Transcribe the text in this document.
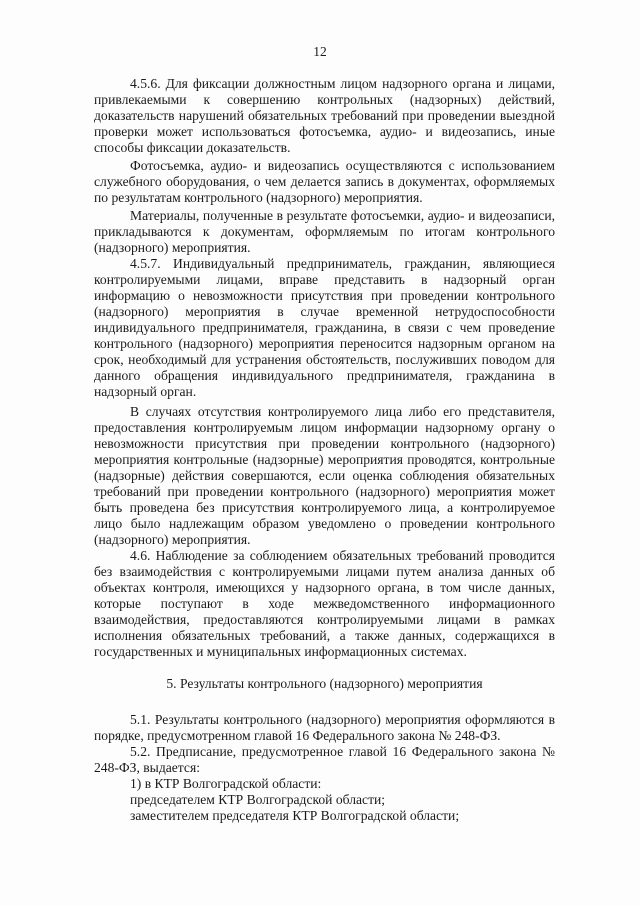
12

4.5.6. Для фиксации должностным лицом надзорного органа и лицами, привлекаемыми к совершению контрольных (надзорных) действий, доказательств нарушений обязательных требований при проведении выездной проверки может использоваться фотосъемка, аудио- и видеозапись, иные способы фиксации доказательств.

Фотосъемка, аудио- и видеозапись осуществляются с использованием служебного оборудования, о чем делается запись в документах, оформляемых по результатам контрольного (надзорного) мероприятия.

Материалы, полученные в результате фотосъемки, аудио- и видеозаписи, прикладываются к документам, оформляемым по итогам контрольного (надзорного) мероприятия.

4.5.7. Индивидуальный предприниматель, гражданин, являющиеся контролируемыми лицами, вправе представить в надзорный орган информацию о невозможности присутствия при проведении контрольного (надзорного) мероприятия в случае временной нетрудоспособности индивидуального предпринимателя, гражданина, в связи с чем проведение контрольного (надзорного) мероприятия переносится надзорным органом на срок, необходимый для устранения обстоятельств, послуживших поводом для данного обращения индивидуального предпринимателя, гражданина в надзорный орган.

В случаях отсутствия контролируемого лица либо его представителя, предоставления контролируемым лицом информации надзорному органу о невозможности присутствия при проведении контрольного (надзорного) мероприятия контрольные (надзорные) мероприятия проводятся, контрольные (надзорные) действия совершаются, если оценка соблюдения обязательных требований при проведении контрольного (надзорного) мероприятия может быть проведена без присутствия контролируемого лица, а контролируемое лицо было надлежащим образом уведомлено о проведении контрольного (надзорного) мероприятия.

4.6. Наблюдение за соблюдением обязательных требований проводится без взаимодействия с контролируемыми лицами путем анализа данных об объектах контроля, имеющихся у надзорного органа, в том числе данных, которые поступают в ходе межведомственного информационного взаимодействия, предоставляются контролируемыми лицами в рамках исполнения обязательных требований, а также данных, содержащихся в государственных и муниципальных информационных системах.

5. Результаты контрольного (надзорного) мероприятия

5.1. Результаты контрольного (надзорного) мероприятия оформляются в порядке, предусмотренном главой 16 Федерального закона № 248-ФЗ.

5.2. Предписание, предусмотренное главой 16 Федерального закона № 248-ФЗ, выдается:

1) в КТР Волгоградской области:

председателем КТР Волгоградской области;

заместителем председателя КТР Волгоградской области;
